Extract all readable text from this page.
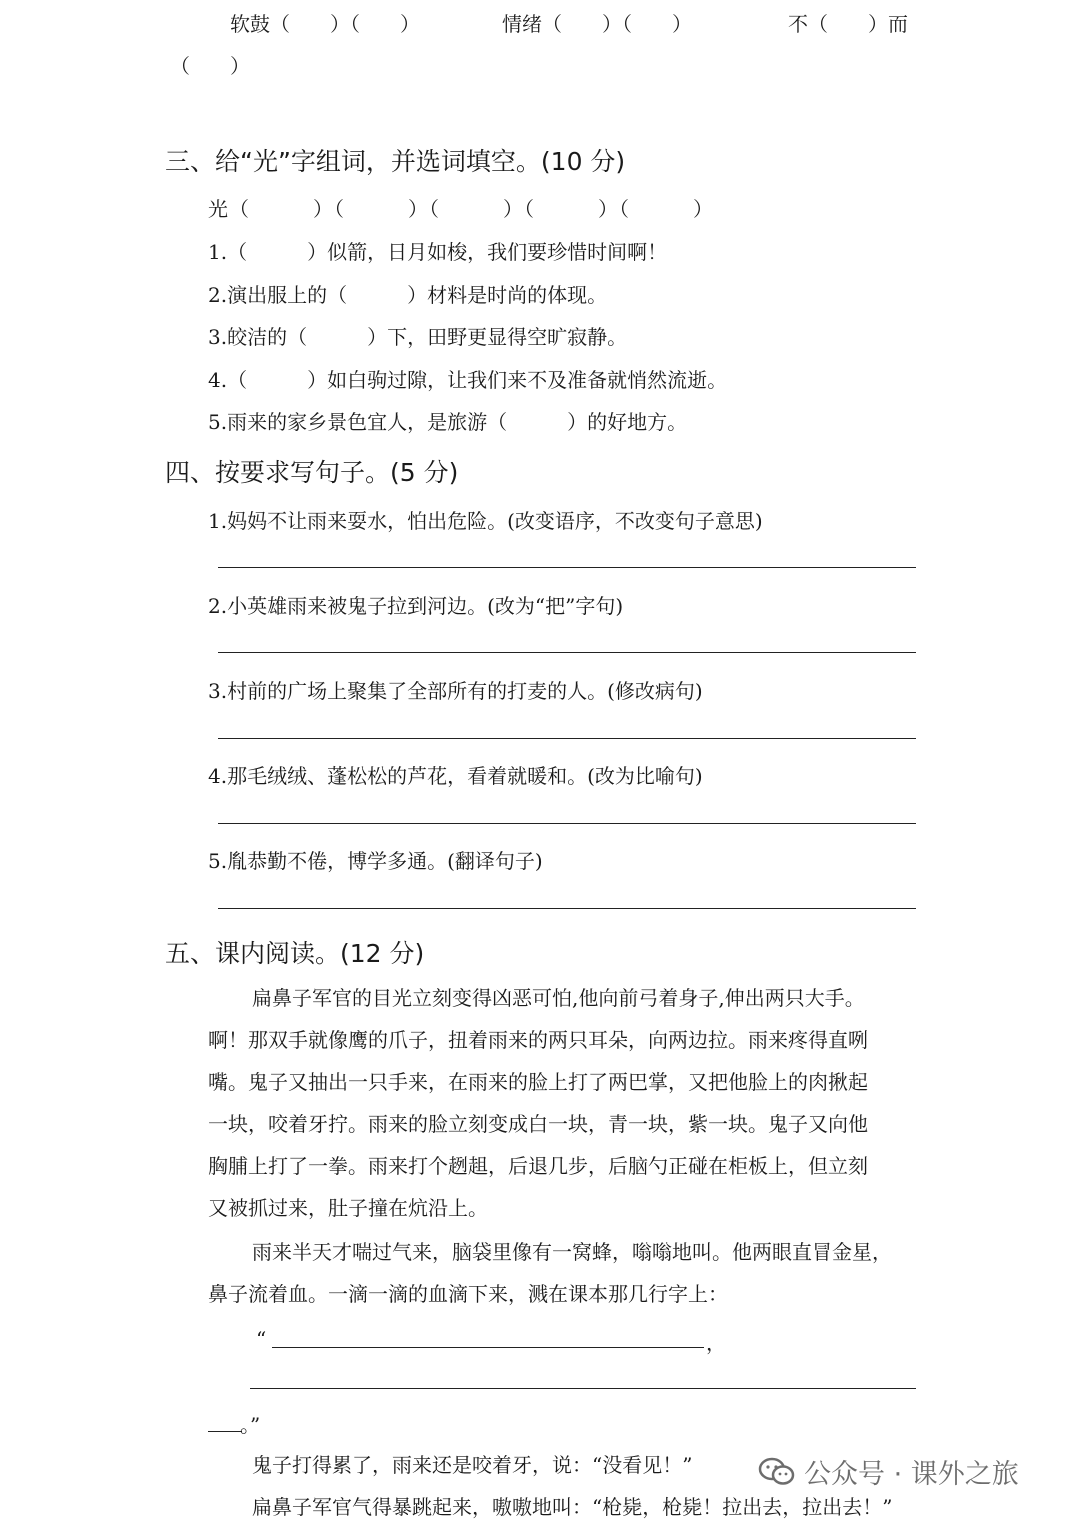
软鼓（　　）（　　）	情绪（　　）（　　）	不（　　）而
（　　）
三、给“光”字组词，并选词填空。(10 分)
光（　　　）（　　　）（　　　）（　　　）（　　　）
1.（　　　）似箭，日月如梭，我们要珍惜时间啊！
2.演出服上的（　　　）材料是时尚的体现。
3.皎洁的（　　　）下，田野更显得空旷寂静。
4.（　　　）如白驹过隙，让我们来不及准备就悄然流逝。
5.雨来的家乡景色宜人，是旅游（　　　）的好地方。
四、按要求写句子。(5 分)
1.妈妈不让雨来耍水，怕出危险。(改变语序，不改变句子意思)
2.小英雄雨来被鬼子拉到河边。(改为“把”字句)
3.村前的广场上聚集了全部所有的打麦的人。(修改病句)
4.那毛绒绒、蓬松松的芦花，看着就暖和。(改为比喻句)
5.胤恭勤不倦，博学多通。(翻译句子)
五、课内阅读。(12 分)
扁鼻子军官的目光立刻变得凶恶可怕,他向前弓着身子,伸出两只大手。
啊！那双手就像鹰的爪子，扭着雨来的两只耳朵，向两边拉。雨来疼得直咧
嘴。鬼子又抽出一只手来，在雨来的脸上打了两巴掌，又把他脸上的肉揪起
一块，咬着牙拧。雨来的脸立刻变成白一块，青一块，紫一块。鬼子又向他
胸脯上打了一拳。雨来打个趔趄，后退几步，后脑勺正碰在柜板上，但立刻
又被抓过来，肚子撞在炕沿上。
雨来半天才喘过气来，脑袋里像有一窝蜂，嗡嗡地叫。他两眼直冒金星，
鼻子流着血。一滴一滴的血滴下来，溅在课本那几行字上：
“	，
。”
鬼子打得累了，雨来还是咬着牙，说：“没看见！”
扁鼻子军官气得暴跳起来，嗷嗷地叫：“枪毙，枪毙！拉出去，拉出去！”
公众号 · 课外之旅
